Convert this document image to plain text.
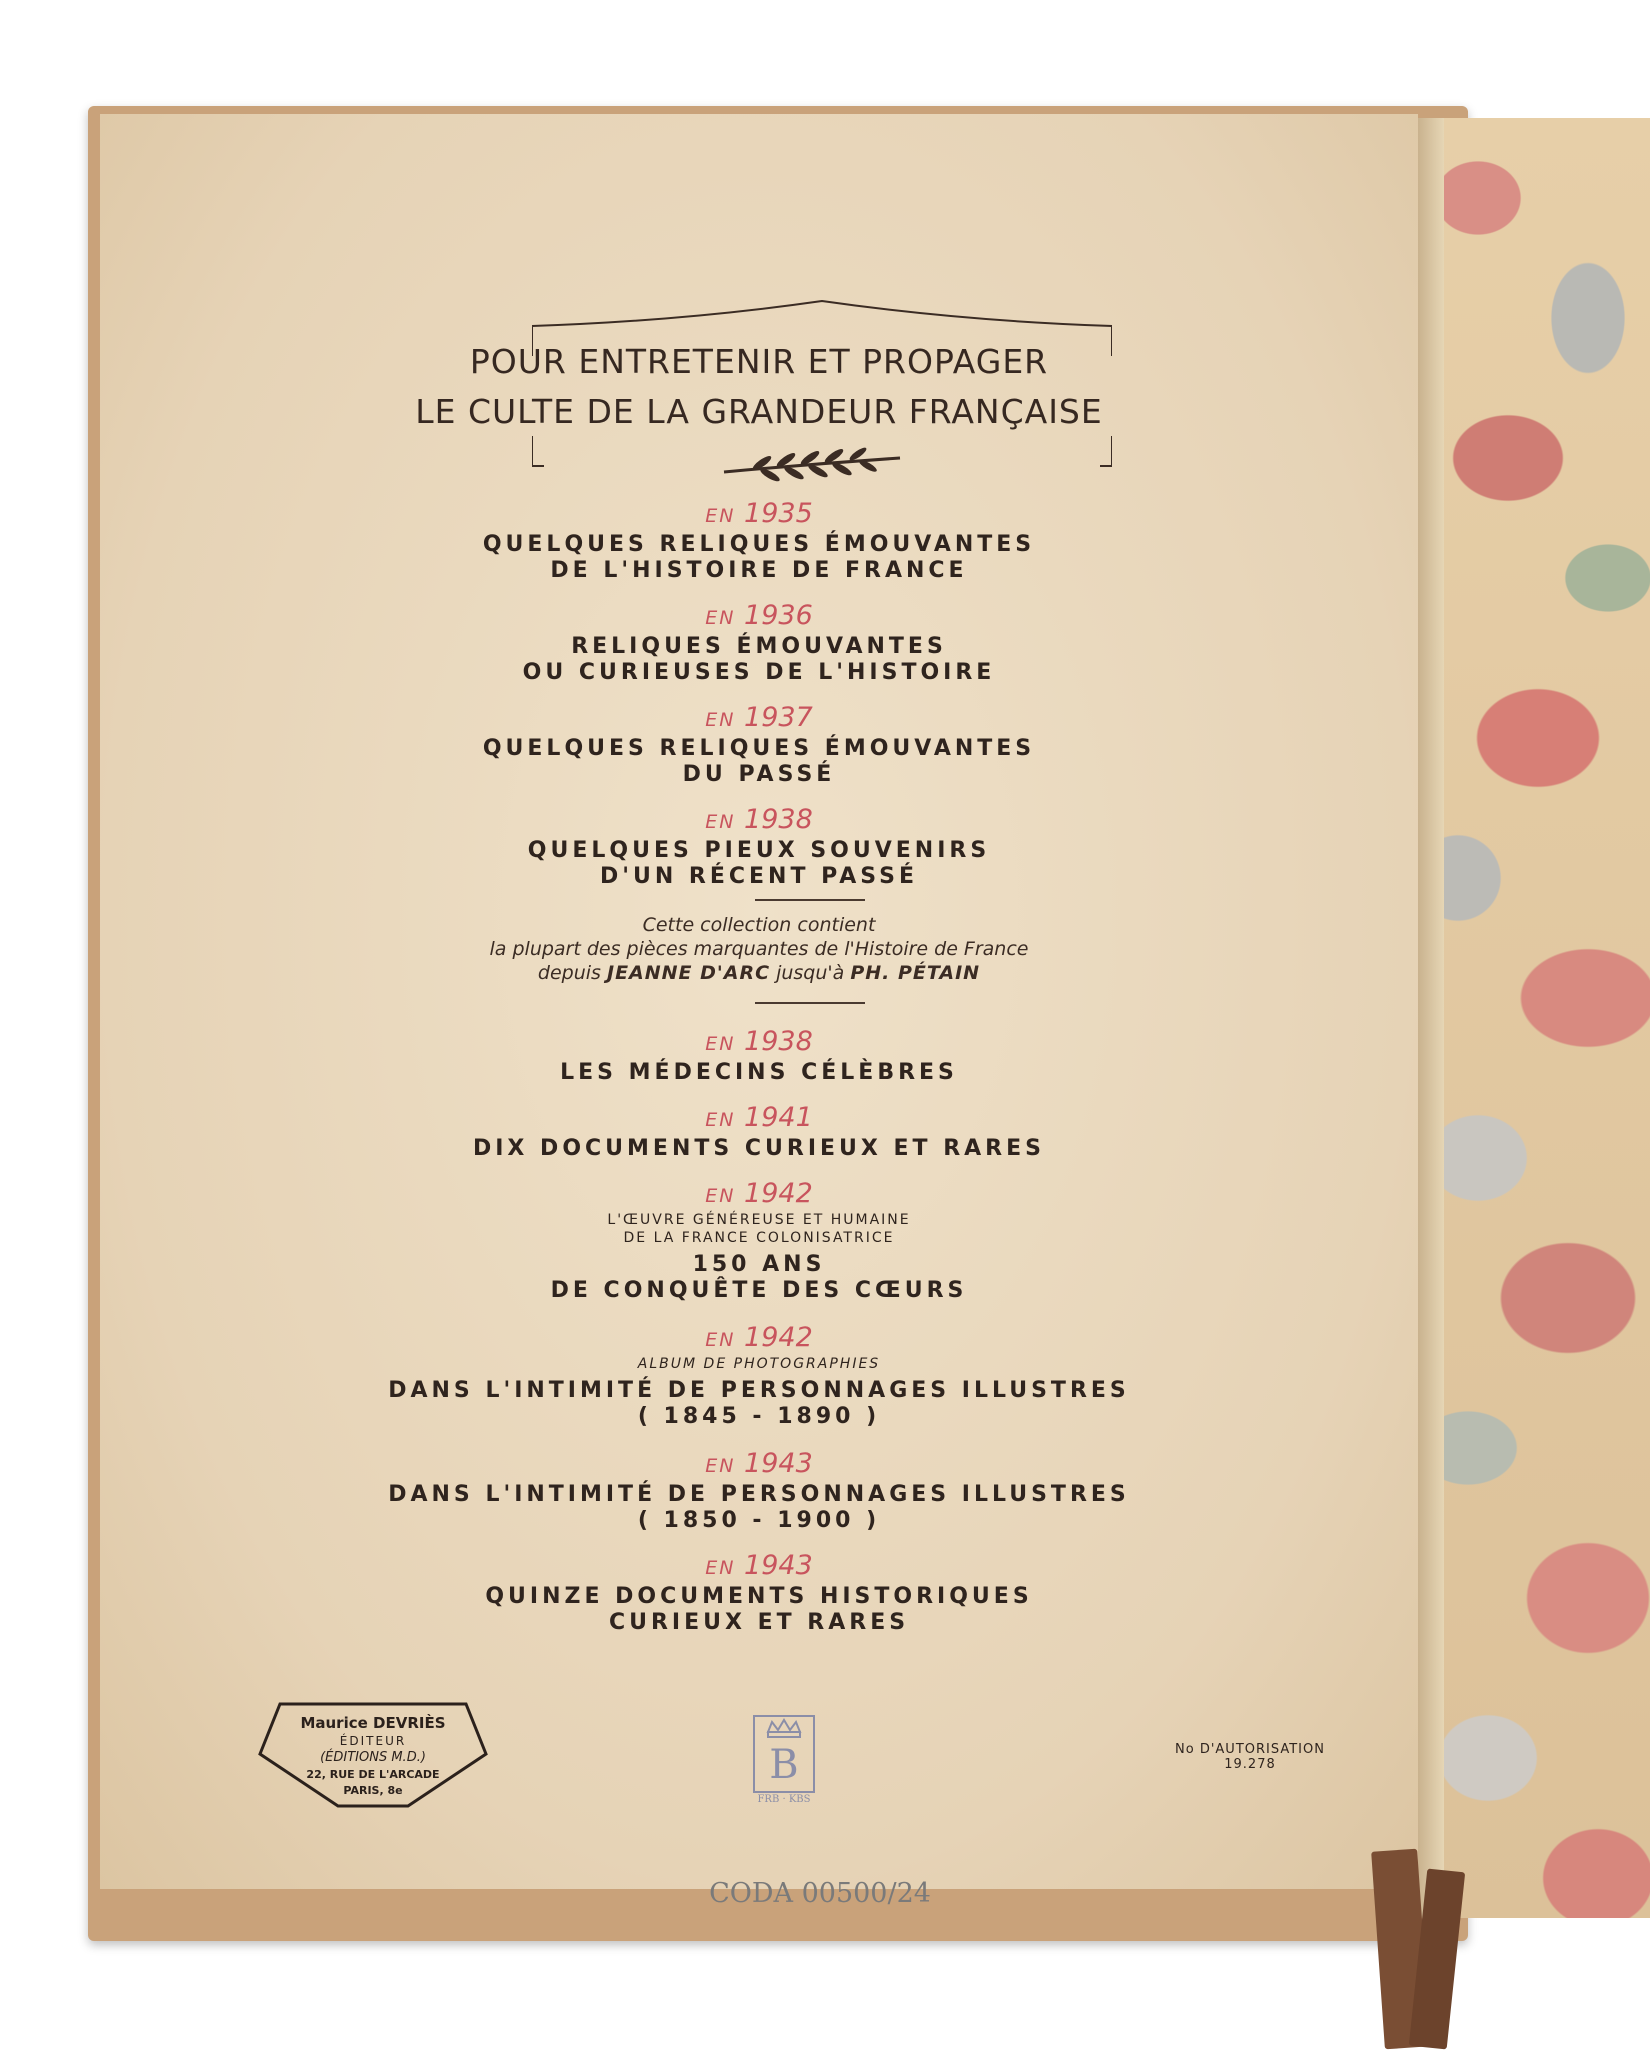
POUR ENTRETENIR ET PROPAGER
LE CULTE DE LA GRANDEUR FRANÇAISE
EN 1935
QUELQUES RELIQUES ÉMOUVANTES
DE L'HISTOIRE DE FRANCE
EN 1936
RELIQUES ÉMOUVANTES
OU CURIEUSES DE L'HISTOIRE
EN 1937
QUELQUES RELIQUES ÉMOUVANTES
DU PASSÉ
EN 1938
QUELQUES PIEUX SOUVENIRS
D'UN RÉCENT PASSÉ
Cette collection contient
la plupart des pièces marquantes de l'Histoire de France
depuis JEANNE D'ARC jusqu'à PH. PÉTAIN
EN 1938
LES MÉDECINS CÉLÈBRES
EN 1941
DIX DOCUMENTS CURIEUX ET RARES
EN 1942
L'ŒUVRE GÉNÉREUSE ET HUMAINE
DE LA FRANCE COLONISATRICE
150 ANS
DE CONQUÊTE DES CŒURS
EN 1942
ALBUM DE PHOTOGRAPHIES
DANS L'INTIMITÉ DE PERSONNAGES ILLUSTRES
( 1845 - 1890 )
EN 1943
DANS L'INTIMITÉ DE PERSONNAGES ILLUSTRES
( 1850 - 1900 )
EN 1943
QUINZE DOCUMENTS HISTORIQUES
CURIEUX ET RARES
Maurice DEVRIÈS
ÉDITEUR
(ÉDITIONS M.D.)
22, RUE DE L'ARCADE
PARIS, 8e
B
FRB · KBS
No D'AUTORISATION
19.278
CODA 00500/24
